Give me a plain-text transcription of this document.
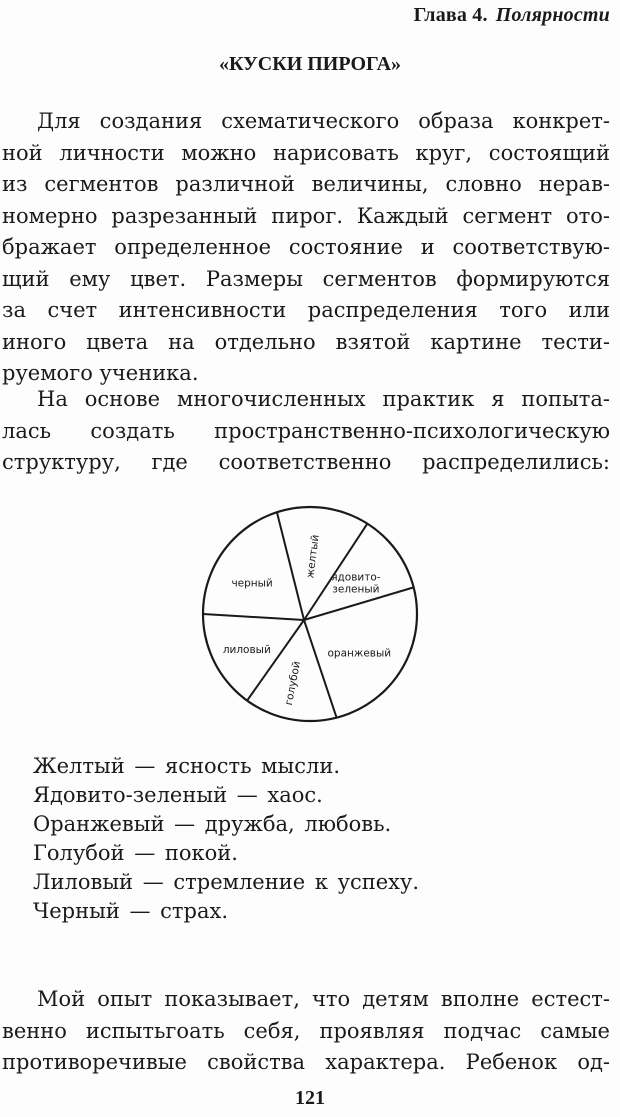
Глава 4. Полярности
«КУСКИ ПИРОГА»
Для создания схематического образа конкрет-
ной личности можно нарисовать круг, состоящий
из сегментов различной величины, словно нерав-
номерно разрезанный пирог. Каждый сегмент ото-
бражает определенное состояние и соответствую-
щий ему цвет. Размеры сегментов формируются
за счет интенсивности распределения того или
иного цвета на отдельно взятой картине тести-
руемого ученика.
На основе многочисленных практик я попыта-
лась создать пространственно-психологическую
структуру, где соответственно распределились:
желтый ядовито-зеленый
оранжевый
голубой
лиловый
черный
Желтый — ясность мысли.
Ядовито-зеленый — хаос.
Оранжевый — дружба, любовь.
Голубой — покой.
Лиловый — стремление к успеху.
Черный — страх.
Мой опыт показывает, что детям вполне естест-
венно испытьгоать себя, проявляя подчас самые
противоречивые свойства характера. Ребенок од-
121
